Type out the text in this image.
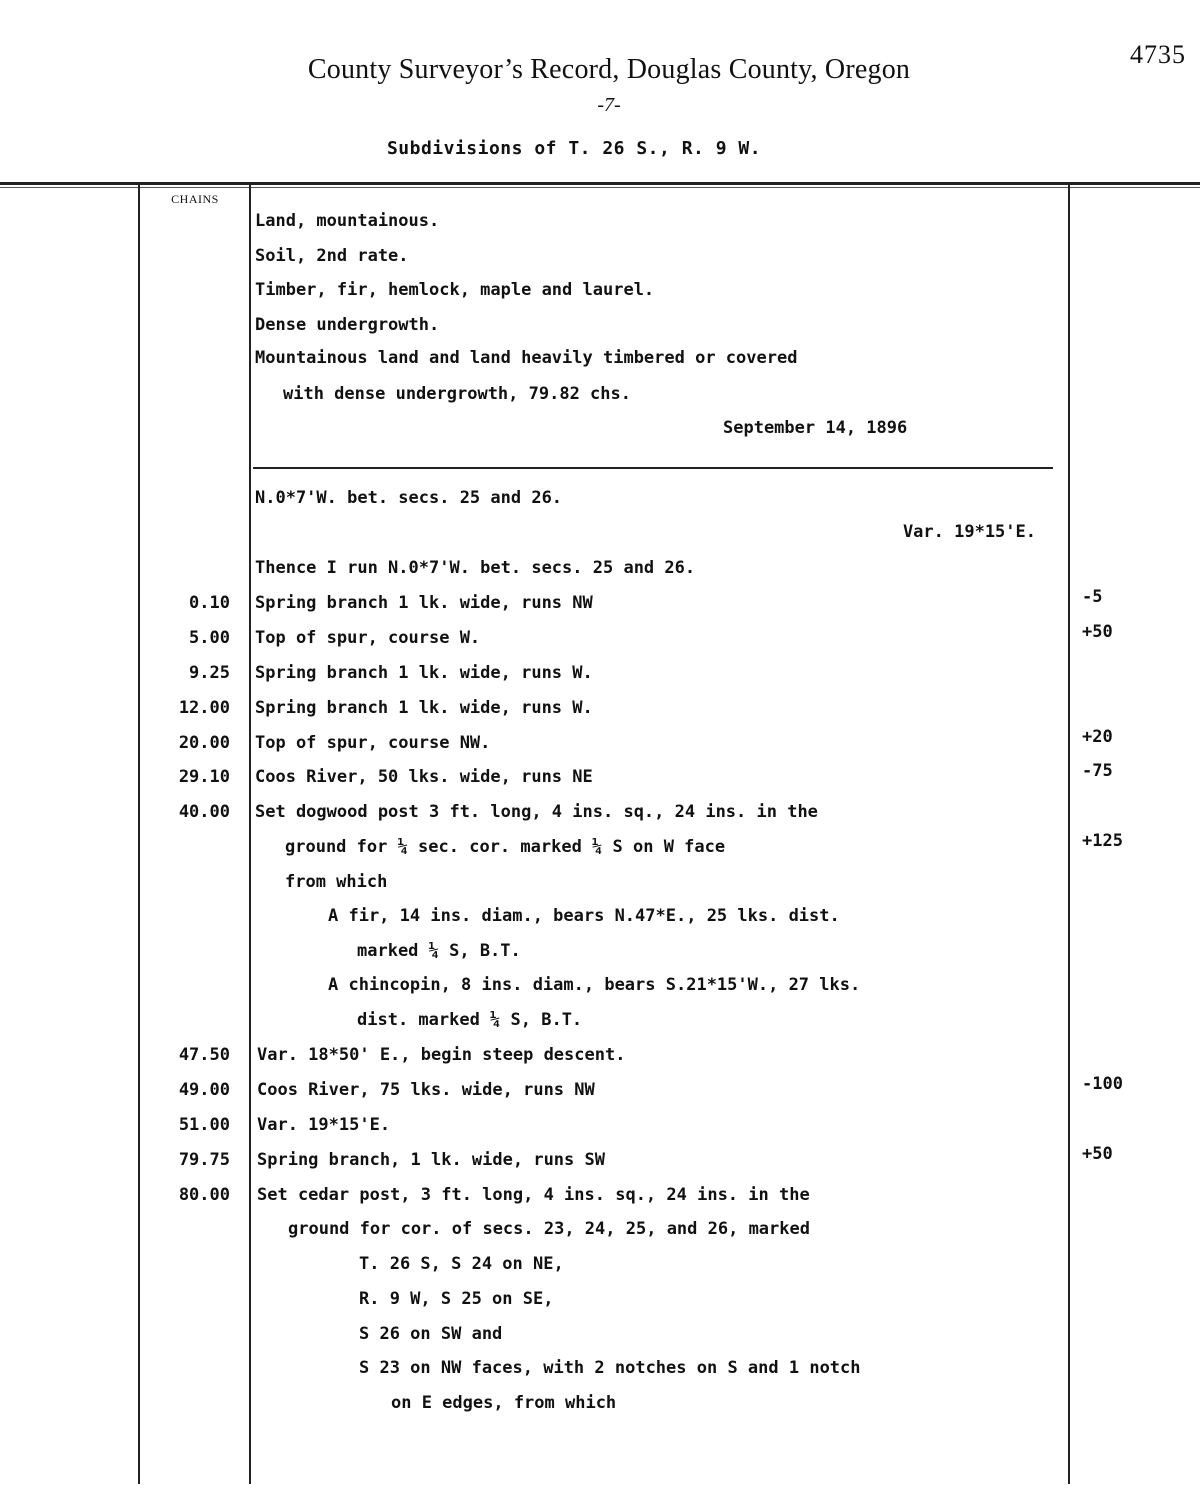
County Surveyor’s Record, Douglas County, Oregon	4735
-7-
Subdivisions of T. 26 S., R. 9 W.
CHAINS
Land, mountainous.
Soil, 2nd rate.
Timber, fir, hemlock, maple and laurel.
Dense undergrowth.
Mountainous land and land heavily timbered or covered
with dense undergrowth, 79.82 chs.
September 14, 1896
N.0*7'W. bet. secs. 25 and 26.
Var. 19*15'E.
Thence I run N.0*7'W. bet. secs. 25 and 26.
0.10 Spring branch 1 lk. wide, runs NW	-5
5.00 Top of spur, course W.	+50
9.25 Spring branch 1 lk. wide, runs W.
12.00 Spring branch 1 lk. wide, runs W.
20.00 Top of spur, course NW.	+20
29.10 Coos River, 50 lks. wide, runs NE	-75
40.00 Set dogwood post 3 ft. long, 4 ins. sq., 24 ins. in the
ground for ¼ sec. cor. marked ¼ S on W face	+125
from which
A fir, 14 ins. diam., bears N.47*E., 25 lks. dist.
marked ¼ S, B.T.
A chincopin, 8 ins. diam., bears S.21*15'W., 27 lks.
dist. marked ¼ S, B.T.
47.50 Var. 18*50' E., begin steep descent.
49.00 Coos River, 75 lks. wide, runs NW	-100
51.00 Var. 19*15'E.
79.75 Spring branch, 1 lk. wide, runs SW	+50
80.00 Set cedar post, 3 ft. long, 4 ins. sq., 24 ins. in the
ground for cor. of secs. 23, 24, 25, and 26, marked
T. 26 S, S 24 on NE,
R. 9 W, S 25 on SE,
S 26 on SW and
S 23 on NW faces, with 2 notches on S and 1 notch
on E edges, from which
